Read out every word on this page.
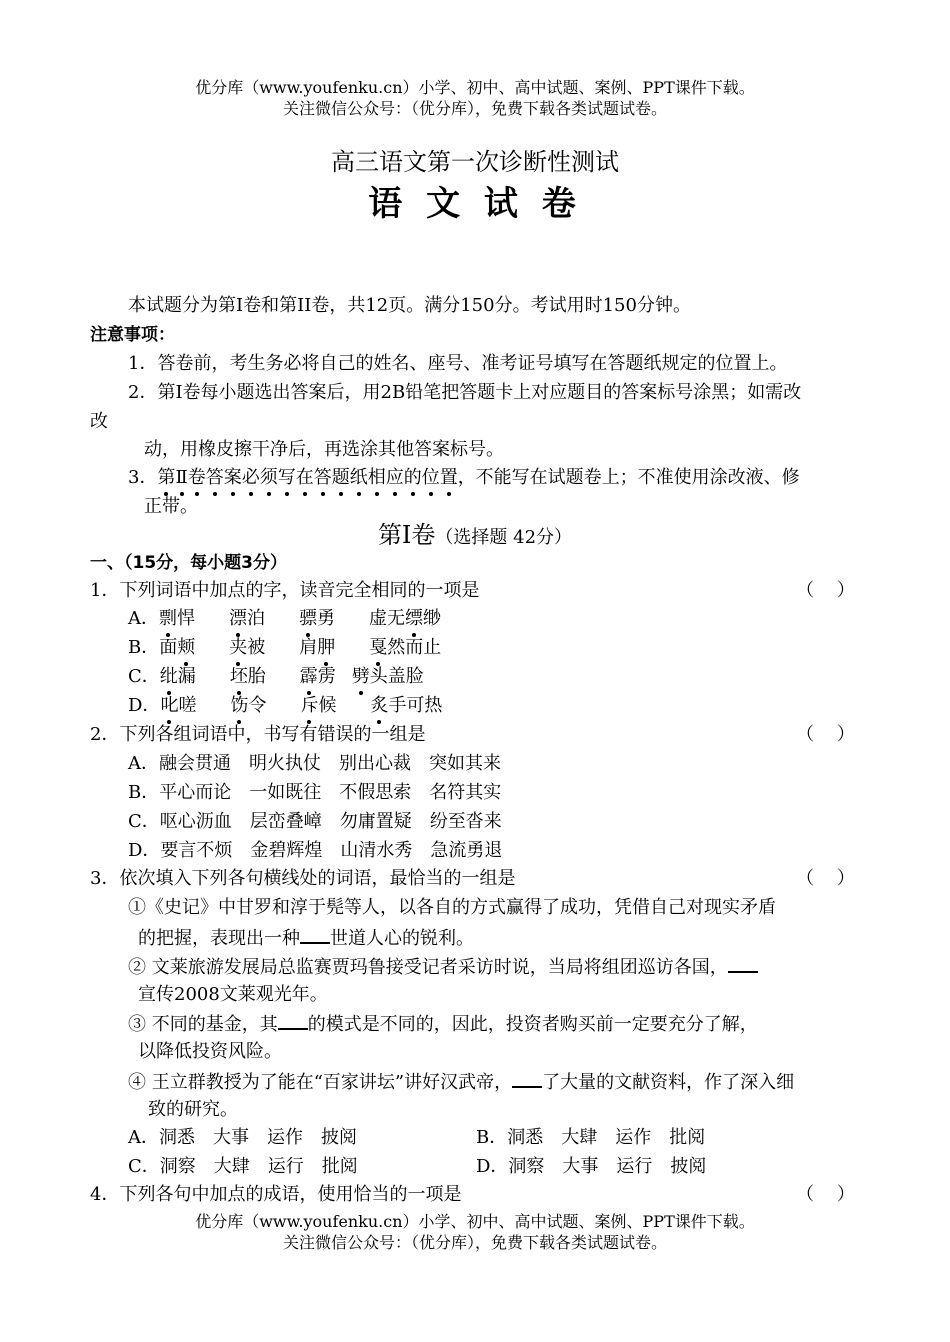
优分库（www.youfenku.cn）小学、初中、高中试题、案例、PPT课件下载。
关注微信公众号：（优分库），免费下载各类试题试卷。
高三语文第一次诊断性测试
语 文 试 卷
本试题分为第I卷和第II卷，共12页。满分150分。考试用时150分钟。
注意事项：
1．答卷前，考生务必将自己的姓名、座号、准考证号填写在答题纸规定的位置上。
2．第Ⅰ卷每小题选出答案后，用2B铅笔把答题卡上对应题目的答案标号涂黑；如需改
改
动，用橡皮擦干净后，再选涂其他答案标号。
3．第Ⅱ卷答案必须写在答题纸相应的位置，不能写在试题卷上；不准使用涂改液、修
正带。
第Ⅰ卷（选择题 42分）
一、（15分，每小题3分）
1．下列词语中加点的字，读音完全相同的一项是	（    ）
A．剽悍 漂泊 骠勇 虚无缥缈
B．面颊 夹被 肩胛 戛然而止
C．纰漏 坯胎 霹雳 劈头盖脸
D．叱嗟 饬令 斥候 炙手可热
2．下列各组词语中，书写有错误的一组是	（    ）
A．融会贯通　明火执仗　别出心裁　突如其来
B．平心而论　一如既往　不假思索　名符其实
C．呕心沥血　层峦叠嶂　勿庸置疑　纷至沓来
D．要言不烦　金碧辉煌　山清水秀　急流勇退
3．依次填入下列各句横线处的词语，最恰当的一组是	（    ）
①《史记》中甘罗和淳于髡等人，以各自的方式赢得了成功，凭借自己对现实矛盾
的把握，表现出一种 世道人心的锐利。
② 文莱旅游发展局总监赛贾玛鲁接受记者采访时说，当局将组团巡访各国，
宣传2008文莱观光年。
③ 不同的基金，其 的模式是不同的，因此，投资者购买前一定要充分了解，
以降低投资风险。
④ 王立群教授为了能在“百家讲坛”讲好汉武帝， 了大量的文献资料，作了深入细
致的研究。
A．洞悉　大事　运作　披阅	B．洞悉　大肆　运作　批阅
C．洞察　大肆　运行　批阅	D．洞察　大事　运行　披阅
4．下列各句中加点的成语，使用恰当的一项是	（    ）
优分库（www.youfenku.cn）小学、初中、高中试题、案例、PPT课件下载。
关注微信公众号：（优分库），免费下载各类试题试卷。
